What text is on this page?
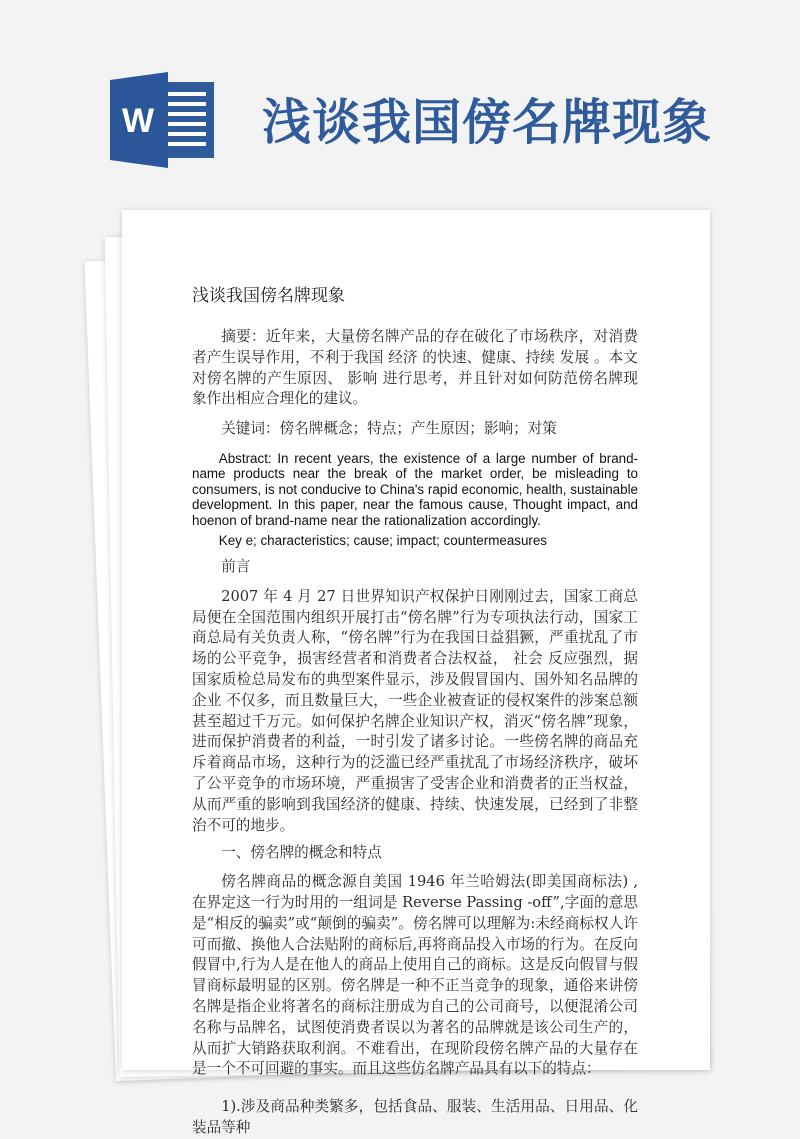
W 浅谈我国傍名牌现象
浅谈我国傍名牌现象
摘要：近年来，大量傍名牌产品的存在破化了市场秩序，对消费者产生误导作用，不利于我国 经济 的快速、健康、持续 发展 。本文对傍名牌的产生原因、 影响 进行思考，并且针对如何防范傍名牌现象作出相应合理化的建议。
关键词：傍名牌概念；特点；产生原因；影响；对策
Abstract: In recent years, the existence of a large number of brand-name products near the break of the market order, be misleading to consumers, is not conducive to China's rapid economic, health, sustainable development. In this paper, near the famous cause, Thought impact, and hoenon of brand-name near the rationalization accordingly.
Key e; characteristics; cause; impact; countermeasures
前言
2007 年 4 月 27 日世界知识产权保护日刚刚过去，国家工商总局便在全国范围内组织开展打击“傍名牌”行为专项执法行动，国家工商总局有关负责人称，“傍名牌”行为在我国日益猖獗，严重扰乱了市场的公平竞争，损害经营者和消费者合法权益， 社会 反应强烈，据国家质检总局发布的典型案件显示，涉及假冒国内、国外知名品牌的 企业 不仅多，而且数量巨大，一些企业被查证的侵权案件的涉案总额甚至超过千万元。如何保护名牌企业知识产权，消灭“傍名牌”现象，进而保护消费者的利益，一时引发了诸多讨论。一些傍名牌的商品充斥着商品市场，这种行为的泛滥已经严重扰乱了市场经济秩序，破坏了公平竞争的市场环境，严重损害了受害企业和消费者的正当权益，从而严重的影响到我国经济的健康、持续、快速发展，已经到了非整治不可的地步。
一、傍名牌的概念和特点
傍名牌商品的概念源自美国 1946 年兰哈姆法(即美国商标法) ,在界定这一行为时用的一组词是 Reverse Passing -off”,字面的意思是“相反的骗卖”或“颠倒的骗卖”。傍名牌可以理解为:未经商标权人许可而撤、换他人合法贴附的商标后,再将商品投入市场的行为。在反向假冒中,行为人是在他人的商品上使用自己的商标。这是反向假冒与假冒商标最明显的区别。傍名牌是一种不正当竞争的现象，通俗来讲傍名牌是指企业将著名的商标注册成为自己的公司商号，以便混淆公司名称与品牌名，试图使消费者误以为著名的品牌就是该公司生产的，从而扩大销路获取利润。不难看出，在现阶段傍名牌产品的大量存在是一个不可回避的事实。而且这些仿名牌产品具有以下的特点：
1).涉及商品种类繁多，包括食品、服装、生活用品、日用品、化装品等种
